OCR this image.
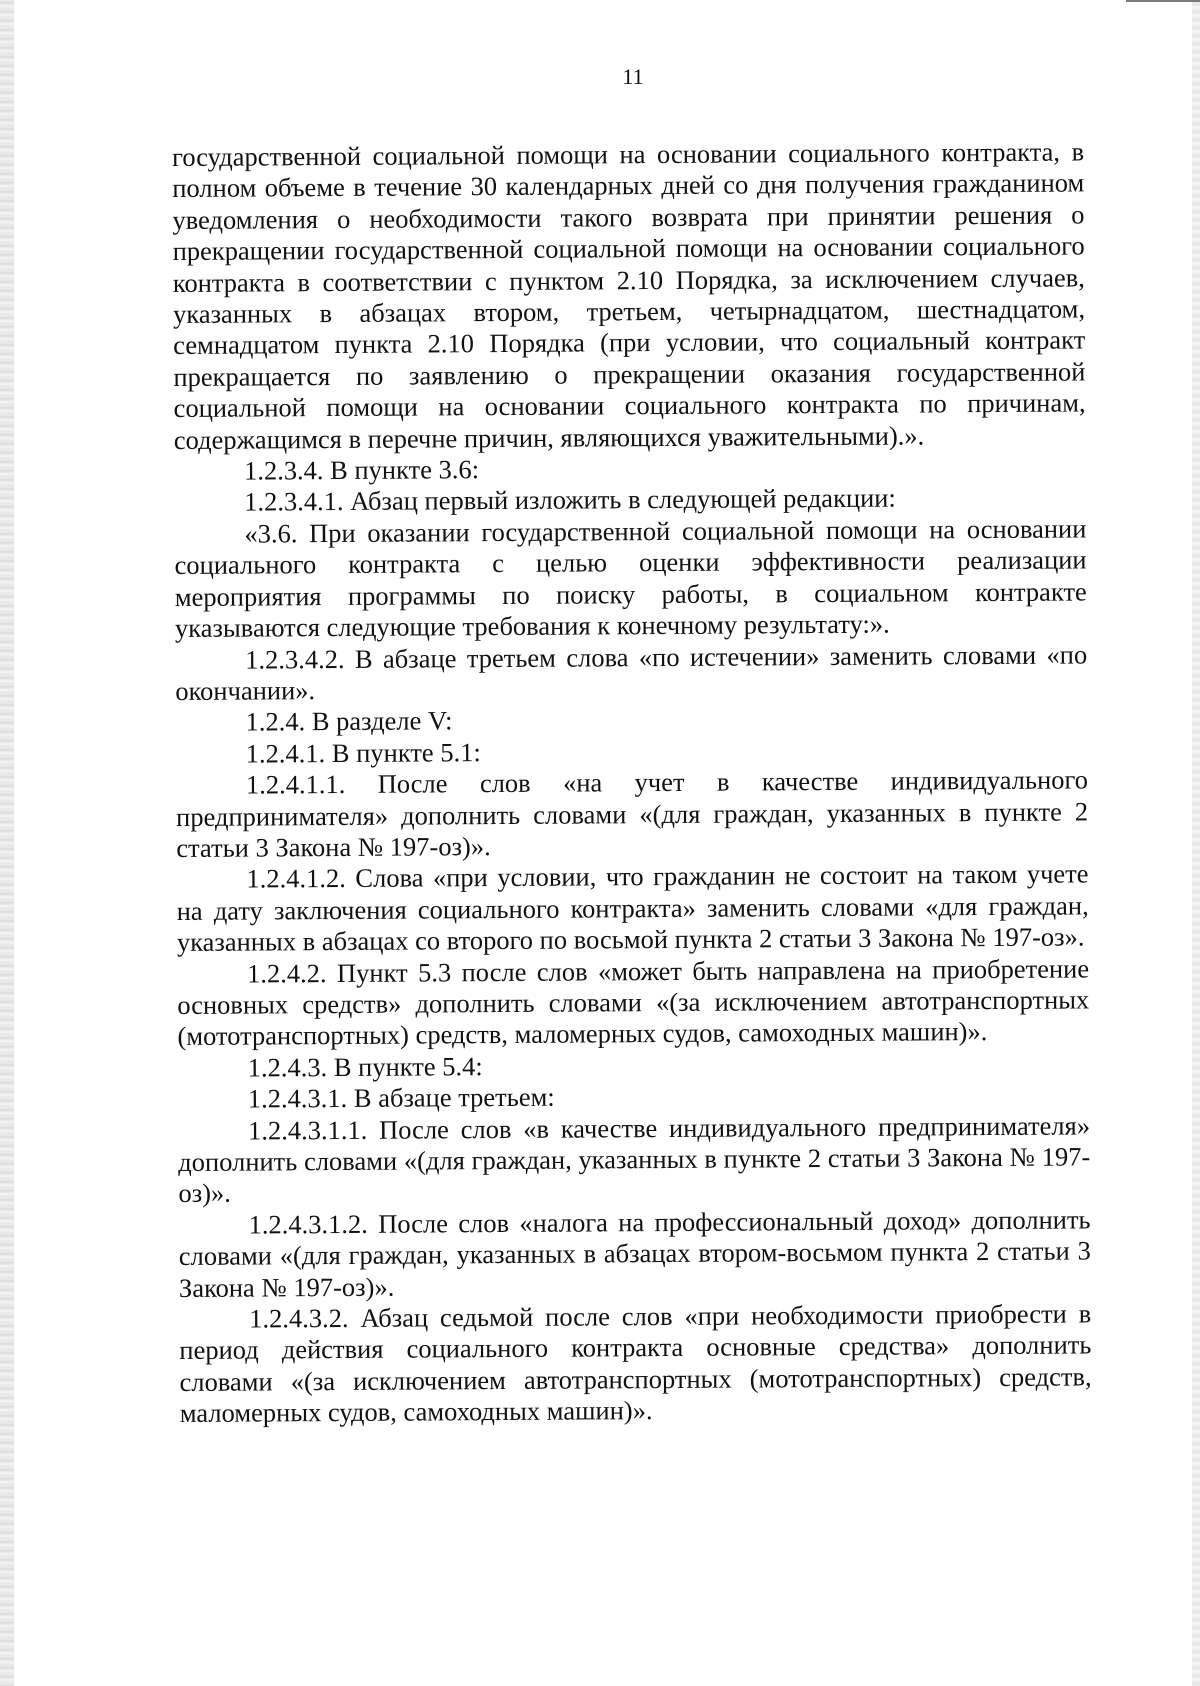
11

государственной социальной помощи на основании социального контракта, в полном объеме в течение 30 календарных дней со дня получения гражданином уведомления о необходимости такого возврата при принятии решения о прекращении государственной социальной помощи на основании социального контракта в соответствии с пунктом 2.10 Порядка, за исключением случаев, указанных в абзацах втором, третьем, четырнадцатом, шестнадцатом, семнадцатом пункта 2.10 Порядка (при условии, что социальный контракт прекращается по заявлению о прекращении оказания государственной социальной помощи на основании социального контракта по причинам, содержащимся в перечне причин, являющихся уважительными).».

1.2.3.4. В пункте 3.6:

1.2.3.4.1. Абзац первый изложить в следующей редакции:

«3.6. При оказании государственной социальной помощи на основании социального контракта с целью оценки эффективности реализации мероприятия программы по поиску работы, в социальном контракте указываются следующие требования к конечному результату:».

1.2.3.4.2. В абзаце третьем слова «по истечении» заменить словами «по окончании».

1.2.4. В разделе V:

1.2.4.1. В пункте 5.1:

1.2.4.1.1. После слов «на учет в качестве индивидуального предпринимателя» дополнить словами «(для граждан, указанных в пункте 2 статьи 3 Закона № 197-оз)».

1.2.4.1.2. Слова «при условии, что гражданин не состоит на таком учете на дату заключения социального контракта» заменить словами «для граждан, указанных в абзацах со второго по восьмой пункта 2 статьи 3 Закона № 197-оз».

1.2.4.2. Пункт 5.3 после слов «может быть направлена на приобретение основных средств» дополнить словами «(за исключением автотранспортных (мототранспортных) средств, маломерных судов, самоходных машин)».

1.2.4.3. В пункте 5.4:

1.2.4.3.1. В абзаце третьем:

1.2.4.3.1.1. После слов «в качестве индивидуального предпринимателя» дополнить словами «(для граждан, указанных в пункте 2 статьи 3 Закона № 197-оз)».

1.2.4.3.1.2. После слов «налога на профессиональный доход» дополнить словами «(для граждан, указанных в абзацах втором-восьмом пункта 2 статьи 3 Закона № 197-оз)».

1.2.4.3.2. Абзац седьмой после слов «при необходимости приобрести в период действия социального контракта основные средства» дополнить словами «(за исключением автотранспортных (мототранспортных) средств, маломерных судов, самоходных машин)».
